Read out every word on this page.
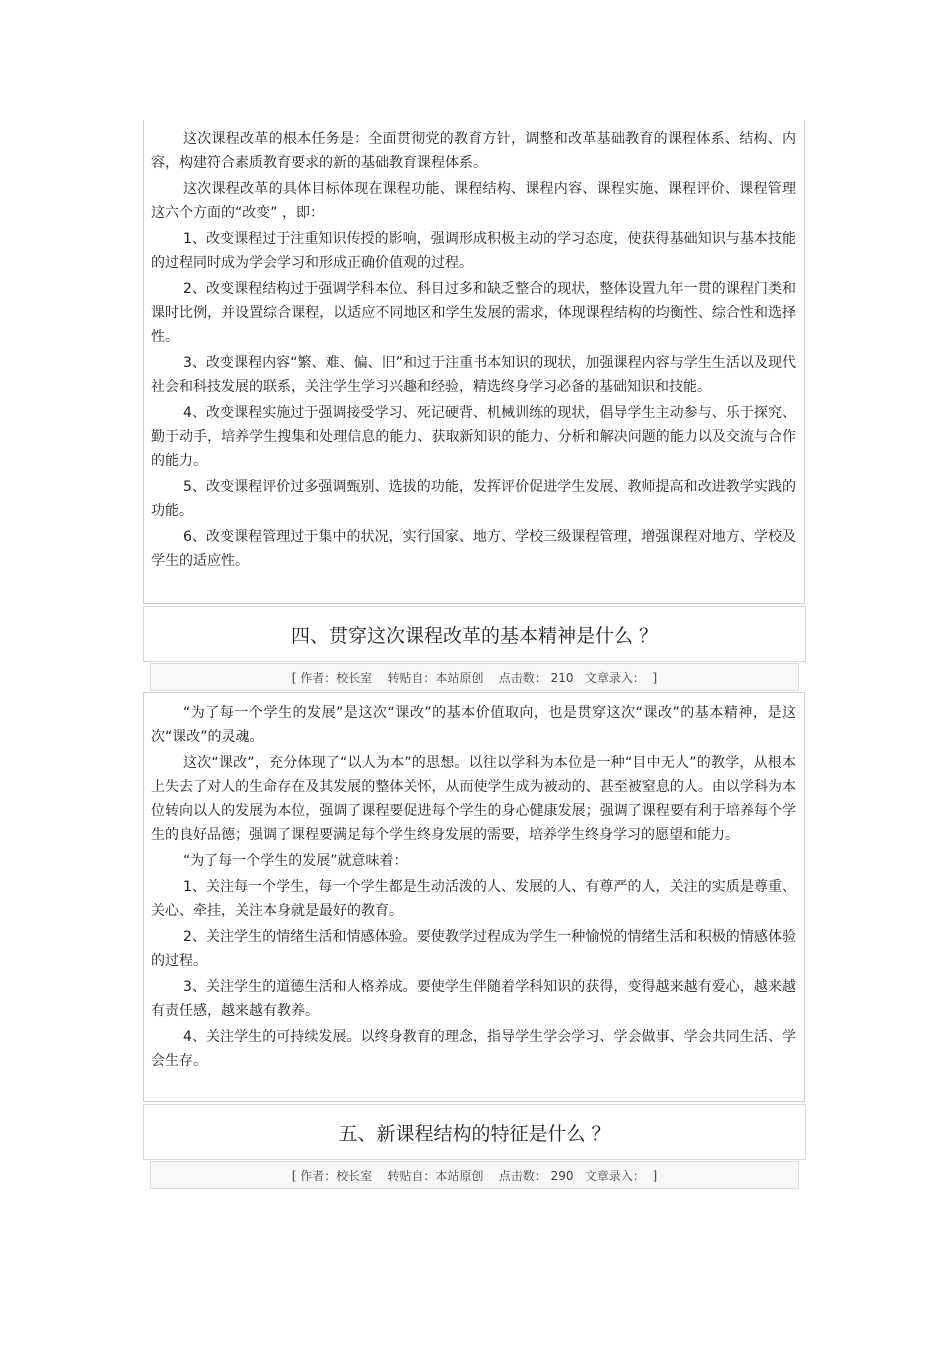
这次课程改革的根本任务是：全面贯彻党的教育方针，调整和改革基础教育的课程体系、结构、内容，构建符合素质教育要求的新的基础教育课程体系。

这次课程改革的具体目标体现在课程功能、课程结构、课程内容、课程实施、课程评价、课程管理这六个方面的“改变” ，即：

1、改变课程过于注重知识传授的影响，强调形成积极主动的学习态度，使获得基础知识与基本技能的过程同时成为学会学习和形成正确价值观的过程。

2、改变课程结构过于强调学科本位、科目过多和缺乏整合的现状，整体设置九年一贯的课程门类和课时比例，并设置综合课程，以适应不同地区和学生发展的需求，体现课程结构的均衡性、综合性和选择性。

3、改变课程内容“繁、难、偏、旧”和过于注重书本知识的现状，加强课程内容与学生生活以及现代社会和科技发展的联系，关注学生学习兴趣和经验，精选终身学习必备的基础知识和技能。

4、改变课程实施过于强调接受学习、死记硬背、机械训练的现状，倡导学生主动参与、乐于探究、勤于动手，培养学生搜集和处理信息的能力、获取新知识的能力、分析和解决问题的能力以及交流与合作的能力。

5、改变课程评价过多强调甄别、选拔的功能，发挥评价促进学生发展、教师提高和改进教学实践的功能。

6、改变课程管理过于集中的状况，实行国家、地方、学校三级课程管理，增强课程对地方、学校及学生的适应性。

四、贯穿这次课程改革的基本精神是什么 ？
[ 作者：校长室    转贴自：本站原创    点击数： 210   文章录入：  ]

“为了每一个学生的发展”是这次“课改”的基本价值取向，也是贯穿这次“课改”的基本精神，是这次“课改”的灵魂。

这次“课改”，充分体现了“以人为本”的思想。以往以学科为本位是一种“目中无人”的教学，从根本上失去了对人的生命存在及其发展的整体关怀，从而使学生成为被动的、甚至被窒息的人。由以学科为本位转向以人的发展为本位，强调了课程要促进每个学生的身心健康发展；强调了课程要有利于培养每个学生的良好品德；强调了课程要满足每个学生终身发展的需要，培养学生终身学习的愿望和能力。

“为了每一个学生的发展”就意味着：

1、关注每一个学生，每一个学生都是生动活泼的人、发展的人、有尊严的人，关注的实质是尊重、关心、牵挂，关注本身就是最好的教育。

2、关注学生的情绪生活和情感体验。要使教学过程成为学生一种愉悦的情绪生活和积极的情感体验的过程。

3、关注学生的道德生活和人格养成。要使学生伴随着学科知识的获得，变得越来越有爱心，越来越有责任感，越来越有教养。

4、关注学生的可持续发展。以终身教育的理念，指导学生学会学习、学会做事、学会共同生活、学会生存。

五、新课程结构的特征是什么 ？
[ 作者：校长室    转贴自：本站原创    点击数： 290   文章录入：  ]
